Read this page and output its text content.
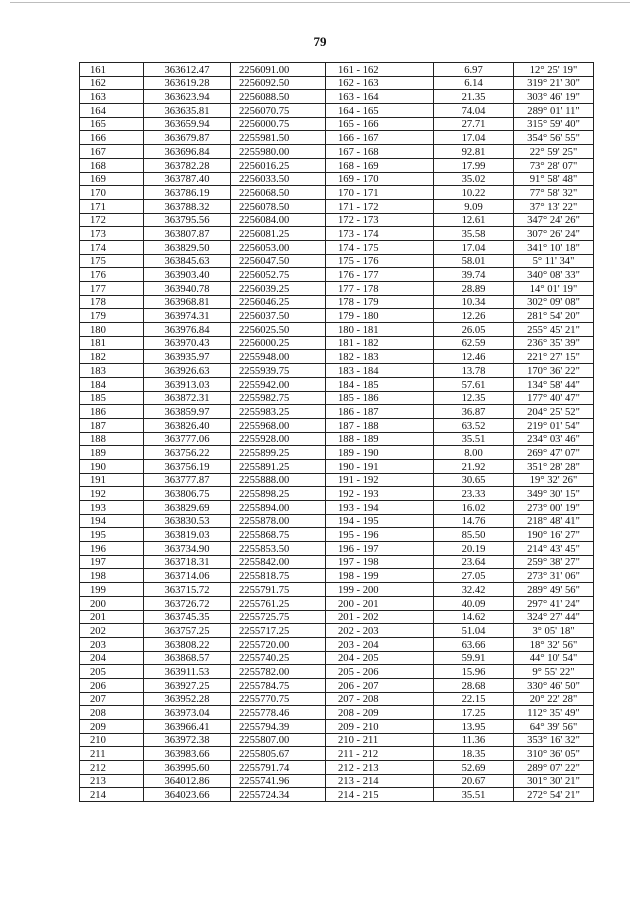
79
161	363612.47	2256091.00	161 - 162	6.97	12° 25' 19"
162	363619.28	2256092.50	162 - 163	6.14	319° 21' 30"
163	363623.94	2256088.50	163 - 164	21.35	303° 46' 19"
164	363635.81	2256070.75	164 - 165	74.04	289° 01' 11"
165	363659.94	2256000.75	165 - 166	27.71	315° 59' 40"
166	363679.87	2255981.50	166 - 167	17.04	354° 56' 55"
167	363696.84	2255980.00	167 - 168	92.81	22° 59' 25"
168	363782.28	2256016.25	168 - 169	17.99	73° 28' 07"
169	363787.40	2256033.50	169 - 170	35.02	91° 58' 48"
170	363786.19	2256068.50	170 - 171	10.22	77° 58' 32"
171	363788.32	2256078.50	171 - 172	9.09	37° 13' 22"
172	363795.56	2256084.00	172 - 173	12.61	347° 24' 26"
173	363807.87	2256081.25	173 - 174	35.58	307° 26' 24"
174	363829.50	2256053.00	174 - 175	17.04	341° 10' 18"
175	363845.63	2256047.50	175 - 176	58.01	5° 11' 34"
176	363903.40	2256052.75	176 - 177	39.74	340° 08' 33"
177	363940.78	2256039.25	177 - 178	28.89	14° 01' 19"
178	363968.81	2256046.25	178 - 179	10.34	302° 09' 08"
179	363974.31	2256037.50	179 - 180	12.26	281° 54' 20"
180	363976.84	2256025.50	180 - 181	26.05	255° 45' 21"
181	363970.43	2256000.25	181 - 182	62.59	236° 35' 39"
182	363935.97	2255948.00	182 - 183	12.46	221° 27' 15"
183	363926.63	2255939.75	183 - 184	13.78	170° 36' 22"
184	363913.03	2255942.00	184 - 185	57.61	134° 58' 44"
185	363872.31	2255982.75	185 - 186	12.35	177° 40' 47"
186	363859.97	2255983.25	186 - 187	36.87	204° 25' 52"
187	363826.40	2255968.00	187 - 188	63.52	219° 01' 54"
188	363777.06	2255928.00	188 - 189	35.51	234° 03' 46"
189	363756.22	2255899.25	189 - 190	8.00	269° 47' 07"
190	363756.19	2255891.25	190 - 191	21.92	351° 28' 28"
191	363777.87	2255888.00	191 - 192	30.65	19° 32' 26"
192	363806.75	2255898.25	192 - 193	23.33	349° 30' 15"
193	363829.69	2255894.00	193 - 194	16.02	273° 00' 19"
194	363830.53	2255878.00	194 - 195	14.76	218° 48' 41"
195	363819.03	2255868.75	195 - 196	85.50	190° 16' 27"
196	363734.90	2255853.50	196 - 197	20.19	214° 43' 45"
197	363718.31	2255842.00	197 - 198	23.64	259° 38' 27"
198	363714.06	2255818.75	198 - 199	27.05	273° 31' 06"
199	363715.72	2255791.75	199 - 200	32.42	289° 49' 56"
200	363726.72	2255761.25	200 - 201	40.09	297° 41' 24"
201	363745.35	2255725.75	201 - 202	14.62	324° 27' 44"
202	363757.25	2255717.25	202 - 203	51.04	3° 05' 18"
203	363808.22	2255720.00	203 - 204	63.66	18° 32' 56"
204	363868.57	2255740.25	204 - 205	59.91	44° 10' 54"
205	363911.53	2255782.00	205 - 206	15.96	9° 55' 22"
206	363927.25	2255784.75	206 - 207	28.68	330° 46' 50"
207	363952.28	2255770.75	207 - 208	22.15	20° 22' 28"
208	363973.04	2255778.46	208 - 209	17.25	112° 35' 49"
209	363966.41	2255794.39	209 - 210	13.95	64° 39' 56"
210	363972.38	2255807.00	210 - 211	11.36	353° 16' 32"
211	363983.66	2255805.67	211 - 212	18.35	310° 36' 05"
212	363995.60	2255791.74	212 - 213	52.69	289° 07' 22"
213	364012.86	2255741.96	213 - 214	20.67	301° 30' 21"
214	364023.66	2255724.34	214 - 215	35.51	272° 54' 21"
